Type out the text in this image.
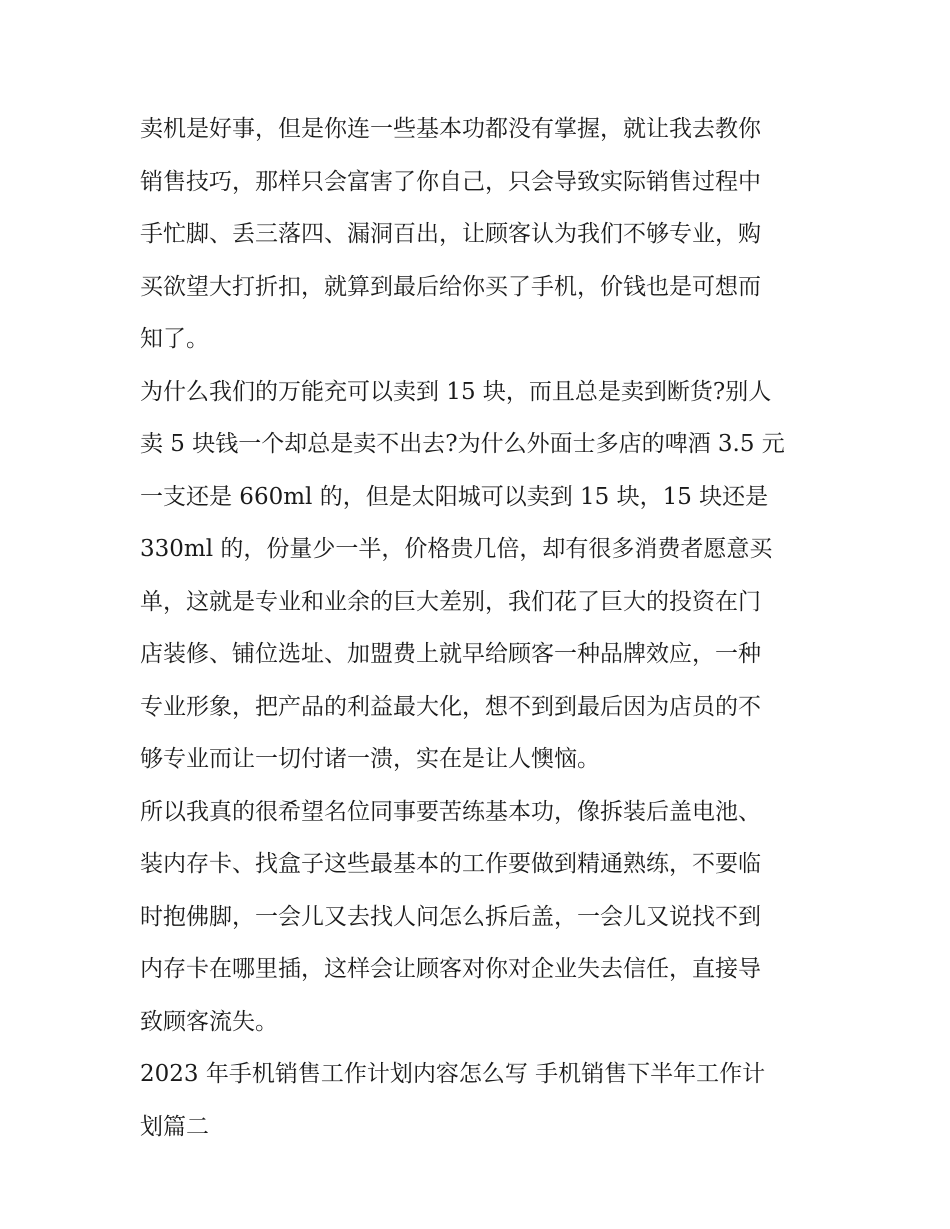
卖机是好事，但是你连一些基本功都没有掌握，就让我去教你
销售技巧，那样只会富害了你自己，只会导致实际销售过程中
手忙脚、丢三落四、漏洞百出，让顾客认为我们不够专业，购
买欲望大打折扣，就算到最后给你买了手机，价钱也是可想而
知了。
为什么我们的万能充可以卖到 15 块，而且总是卖到断货?别人
卖 5 块钱一个却总是卖不出去?为什么外面士多店的啤酒 3.5 元
一支还是 660ml 的，但是太阳城可以卖到 15 块，15 块还是
330ml 的，份量少一半，价格贵几倍，却有很多消费者愿意买
单，这就是专业和业余的巨大差别，我们花了巨大的投资在门
店装修、铺位选址、加盟费上就早给顾客一种品牌效应，一种
专业形象，把产品的利益最大化，想不到到最后因为店员的不
够专业而让一切付诸一溃，实在是让人懊恼。
所以我真的很希望名位同事要苦练基本功，像拆装后盖电池、
装内存卡、找盒子这些最基本的工作要做到精通熟练，不要临
时抱佛脚，一会儿又去找人问怎么拆后盖，一会儿又说找不到
内存卡在哪里插，这样会让顾客对你对企业失去信任，直接导
致顾客流失。
2023 年手机销售工作计划内容怎么写 手机销售下半年工作计
划篇二
